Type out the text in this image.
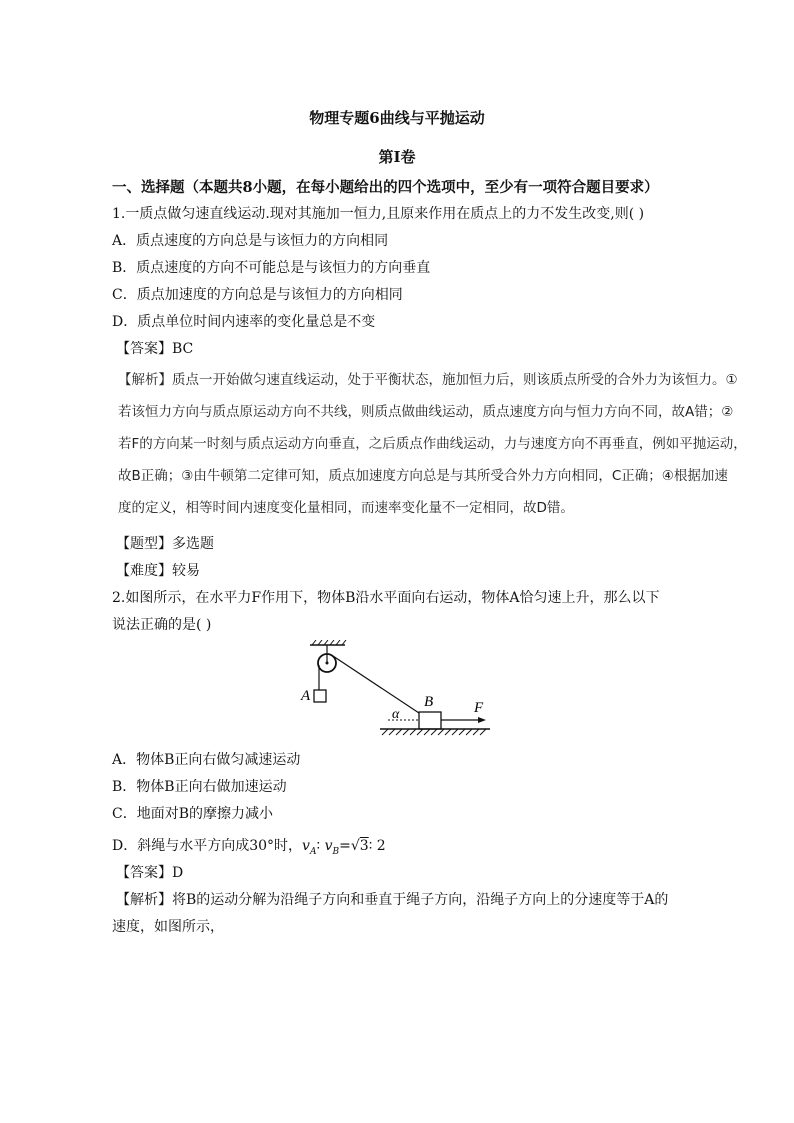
物理专题6曲线与平抛运动
第I卷
一、选择题（本题共8小题，在每小题给出的四个选项中，至少有一项符合题目要求）
1.一质点做匀速直线运动.现对其施加一恒力,且原来作用在质点上的力不发生改变,则( )
A．质点速度的方向总是与该恒力的方向相同
B．质点速度的方向不可能总是与该恒力的方向垂直
C．质点加速度的方向总是与该恒力的方向相同
D．质点单位时间内速率的变化量总是不变
【答案】BC
【解析】质点一开始做匀速直线运动，处于平衡状态，施加恒力后，则该质点所受的合外力为该恒力。①
若该恒力方向与质点原运动方向不共线，则质点做曲线运动，质点速度方向与恒力方向不同，故A错；②
若F的方向某一时刻与质点运动方向垂直，之后质点作曲线运动，力与速度方向不再垂直，例如平抛运动，
故B正确；③由牛顿第二定律可知，质点加速度方向总是与其所受合外力方向相同，C正确；④根据加速
度的定义，相等时间内速度变化量相同，而速率变化量不一定相同，故D错。
【题型】多选题
【难度】较易
2.如图所示，在水平力F作用下，物体B沿水平面向右运动，物体A恰匀速上升，那么以下
说法正确的是( )
A
α
B	F
A．物体B正向右做匀减速运动
B．物体B正向右做加速运动
C．地面对B的摩擦力减小
D．斜绳与水平方向成30°时，$v_A∶$ $v_B=√3∶$ 2
【答案】D
【解析】将B的运动分解为沿绳子方向和垂直于绳子方向，沿绳子方向上的分速度等于A的
速度，如图所示，
